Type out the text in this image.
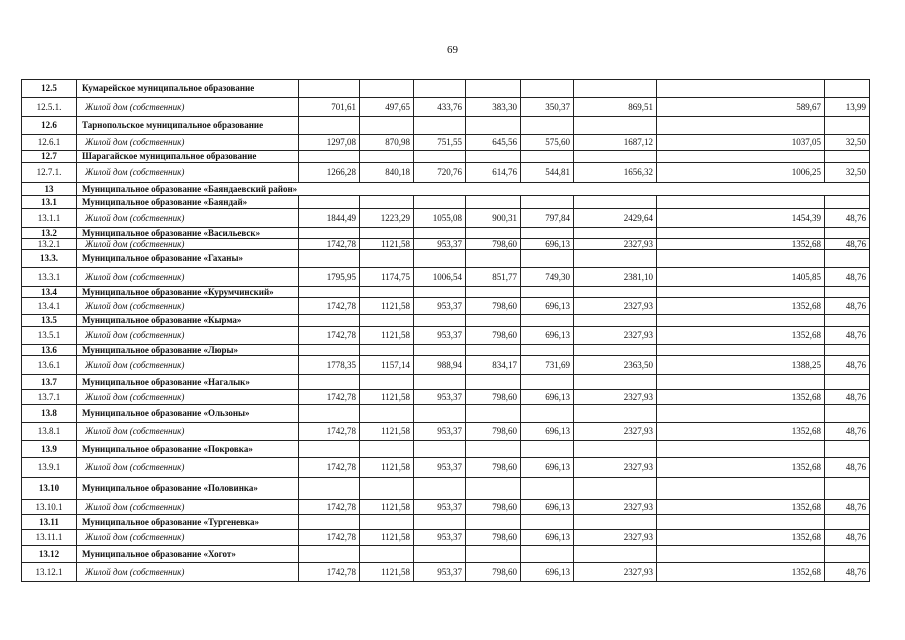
69
12.5	Кумарейское муниципальное образование								
12.5.1.	Жилой дом (собственник)	701,61	497,65	433,76	383,30	350,37	869,51	589,67	13,99
12.6	Тарнопольское муниципальное образование								
12.6.1	Жилой дом (собственник)	1297,08	870,98	751,55	645,56	575,60	1687,12	1037,05	32,50
12.7	Шарагайское муниципальное образование								
12.7.1.	Жилой дом (собственник)	1266,28	840,18	720,76	614,76	544,81	1656,32	1006,25	32,50
13	Муниципальное образование «Баяндаевский район»								
13.1	Муниципальное образование «Баяндай»								
13.1.1	Жилой дом (собственник)	1844,49	1223,29	1055,08	900,31	797,84	2429,64	1454,39	48,76
13.2	Муниципальное образование «Васильевск»								
13.2.1	Жилой дом (собственник)	1742,78	1121,58	953,37	798,60	696,13	2327,93	1352,68	48,76
13.3.	Муниципальное образование «Гаханы»								
13.3.1	Жилой дом (собственник)	1795,95	1174,75	1006,54	851,77	749,30	2381,10	1405,85	48,76
13.4	Муниципальное образование «Курумчинский»								
13.4.1	Жилой дом (собственник)	1742,78	1121,58	953,37	798,60	696,13	2327,93	1352,68	48,76
13.5	Муниципальное образование «Кырма»								
13.5.1	Жилой дом (собственник)	1742,78	1121,58	953,37	798,60	696,13	2327,93	1352,68	48,76
13.6	Муниципальное образование «Люры»								
13.6.1	Жилой дом (собственник)	1778,35	1157,14	988,94	834,17	731,69	2363,50	1388,25	48,76
13.7	Муниципальное образование «Нагалык»								
13.7.1	Жилой дом (собственник)	1742,78	1121,58	953,37	798,60	696,13	2327,93	1352,68	48,76
13.8	Муниципальное образование «Ользоны»								
13.8.1	Жилой дом (собственник)	1742,78	1121,58	953,37	798,60	696,13	2327,93	1352,68	48,76
13.9	Муниципальное образование «Покровка»								
13.9.1	Жилой дом (собственник)	1742,78	1121,58	953,37	798,60	696,13	2327,93	1352,68	48,76
13.10	Муниципальное образование «Половинка»								
13.10.1	Жилой дом (собственник)	1742,78	1121,58	953,37	798,60	696,13	2327,93	1352,68	48,76
13.11	Муниципальное образование «Тургеневка»								
13.11.1	Жилой дом (собственник)	1742,78	1121,58	953,37	798,60	696,13	2327,93	1352,68	48,76
13.12	Муниципальное образование «Хогот»								
13.12.1	Жилой дом (собственник)	1742,78	1121,58	953,37	798,60	696,13	2327,93	1352,68	48,76
